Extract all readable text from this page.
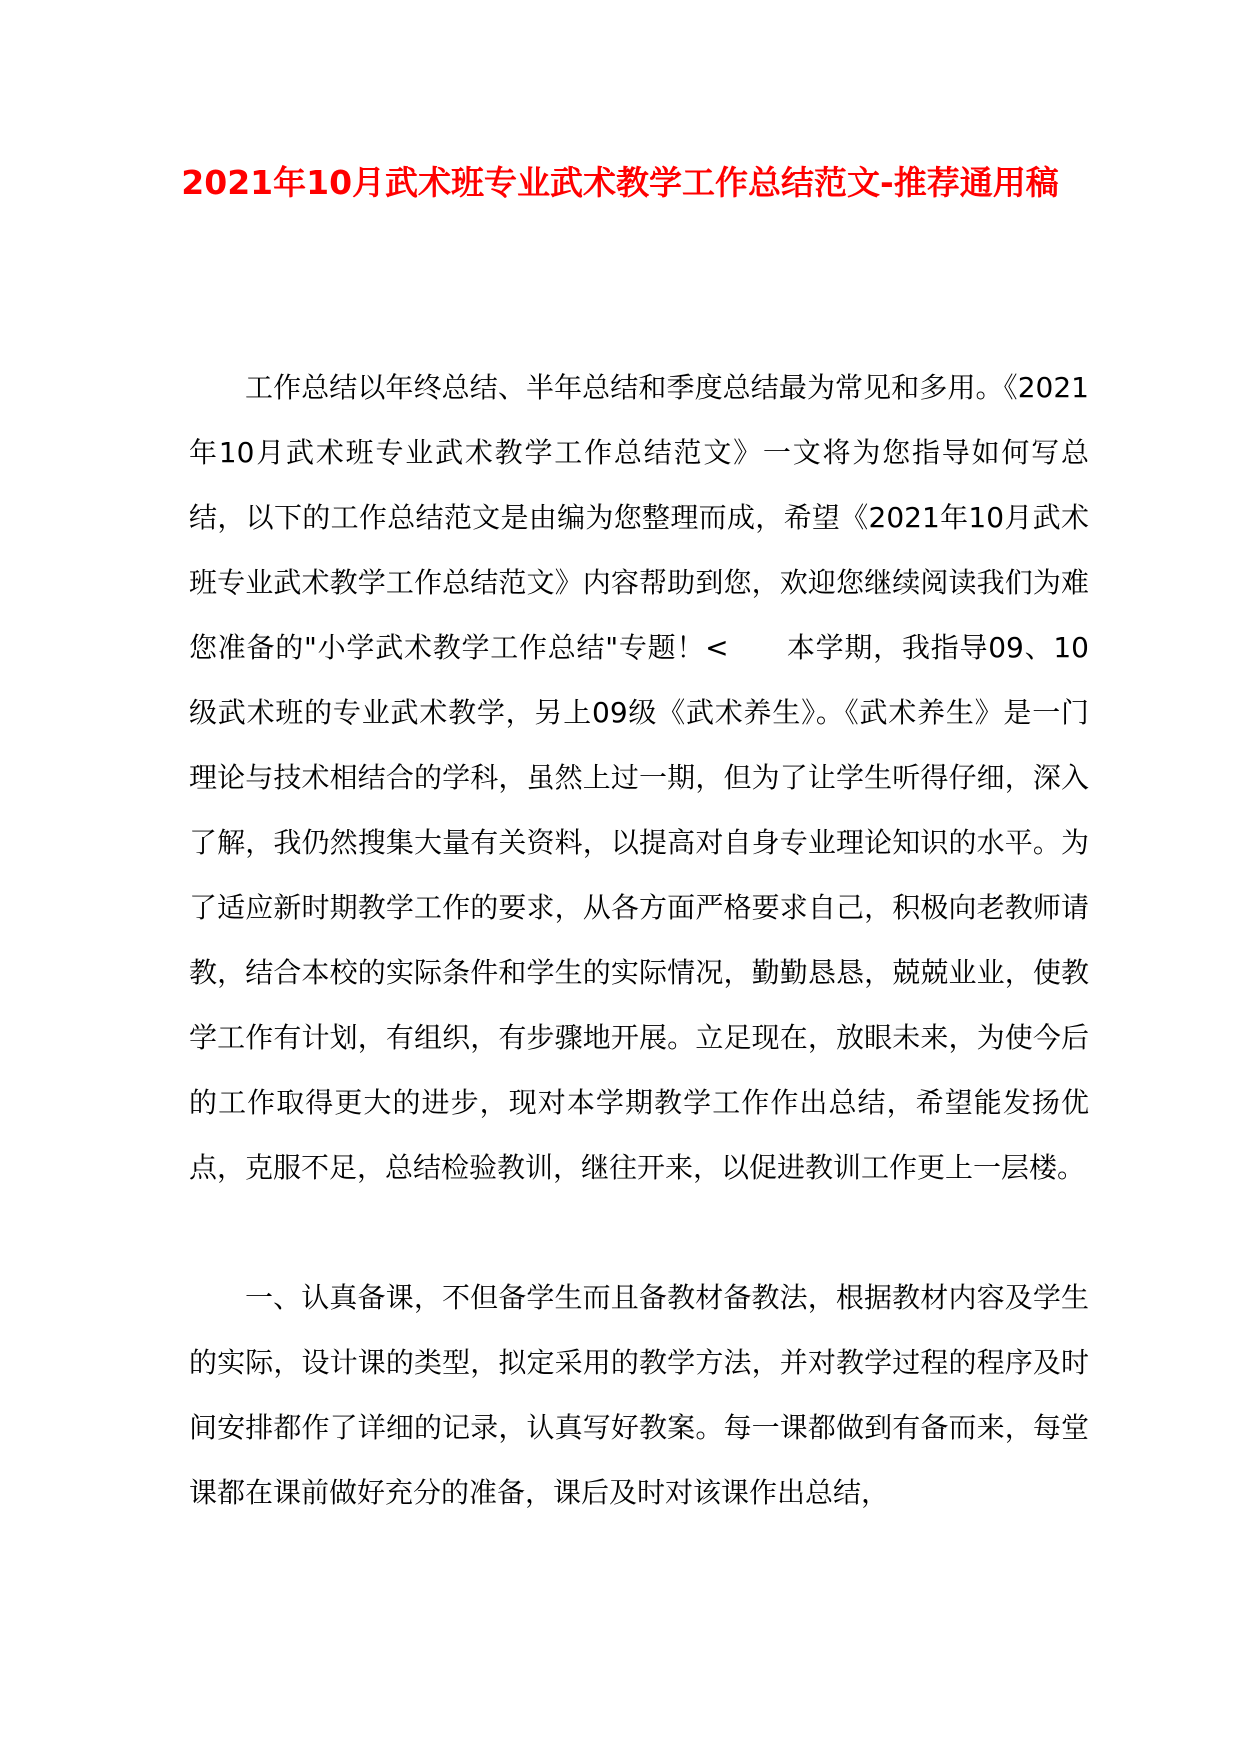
2021年10月武术班专业武术教学工作总结范文-推荐通用稿

工作总结以年终总结、半年总结和季度总结最为常见和多用。《2021年10月武术班专业武术教学工作总结范文》一文将为您指导如何写总结，以下的工作总结范文是由编为您整理而成，希望《2021年10月武术班专业武术教学工作总结范文》内容帮助到您，欢迎您继续阅读我们为难您准备的"小学武术教学工作总结"专题！<　　本学期，我指导09、10级武术班的专业武术教学，另上09级《武术养生》。《武术养生》是一门理论与技术相结合的学科，虽然上过一期，但为了让学生听得仔细，深入了解，我仍然搜集大量有关资料，以提高对自身专业理论知识的水平。为了适应新时期教学工作的要求，从各方面严格要求自己，积极向老教师请教，结合本校的实际条件和学生的实际情况，勤勤恳恳，兢兢业业，使教学工作有计划，有组织，有步骤地开展。立足现在，放眼未来，为使今后的工作取得更大的进步，现对本学期教学工作作出总结，希望能发扬优点，克服不足，总结检验教训，继往开来，以促进教训工作更上一层楼。

一、认真备课，不但备学生而且备教材备教法，根据教材内容及学生的实际，设计课的类型，拟定采用的教学方法，并对教学过程的程序及时间安排都作了详细的记录，认真写好教案。每一课都做到有备而来，每堂课都在课前做好充分的准备，课后及时对该课作出总结，
